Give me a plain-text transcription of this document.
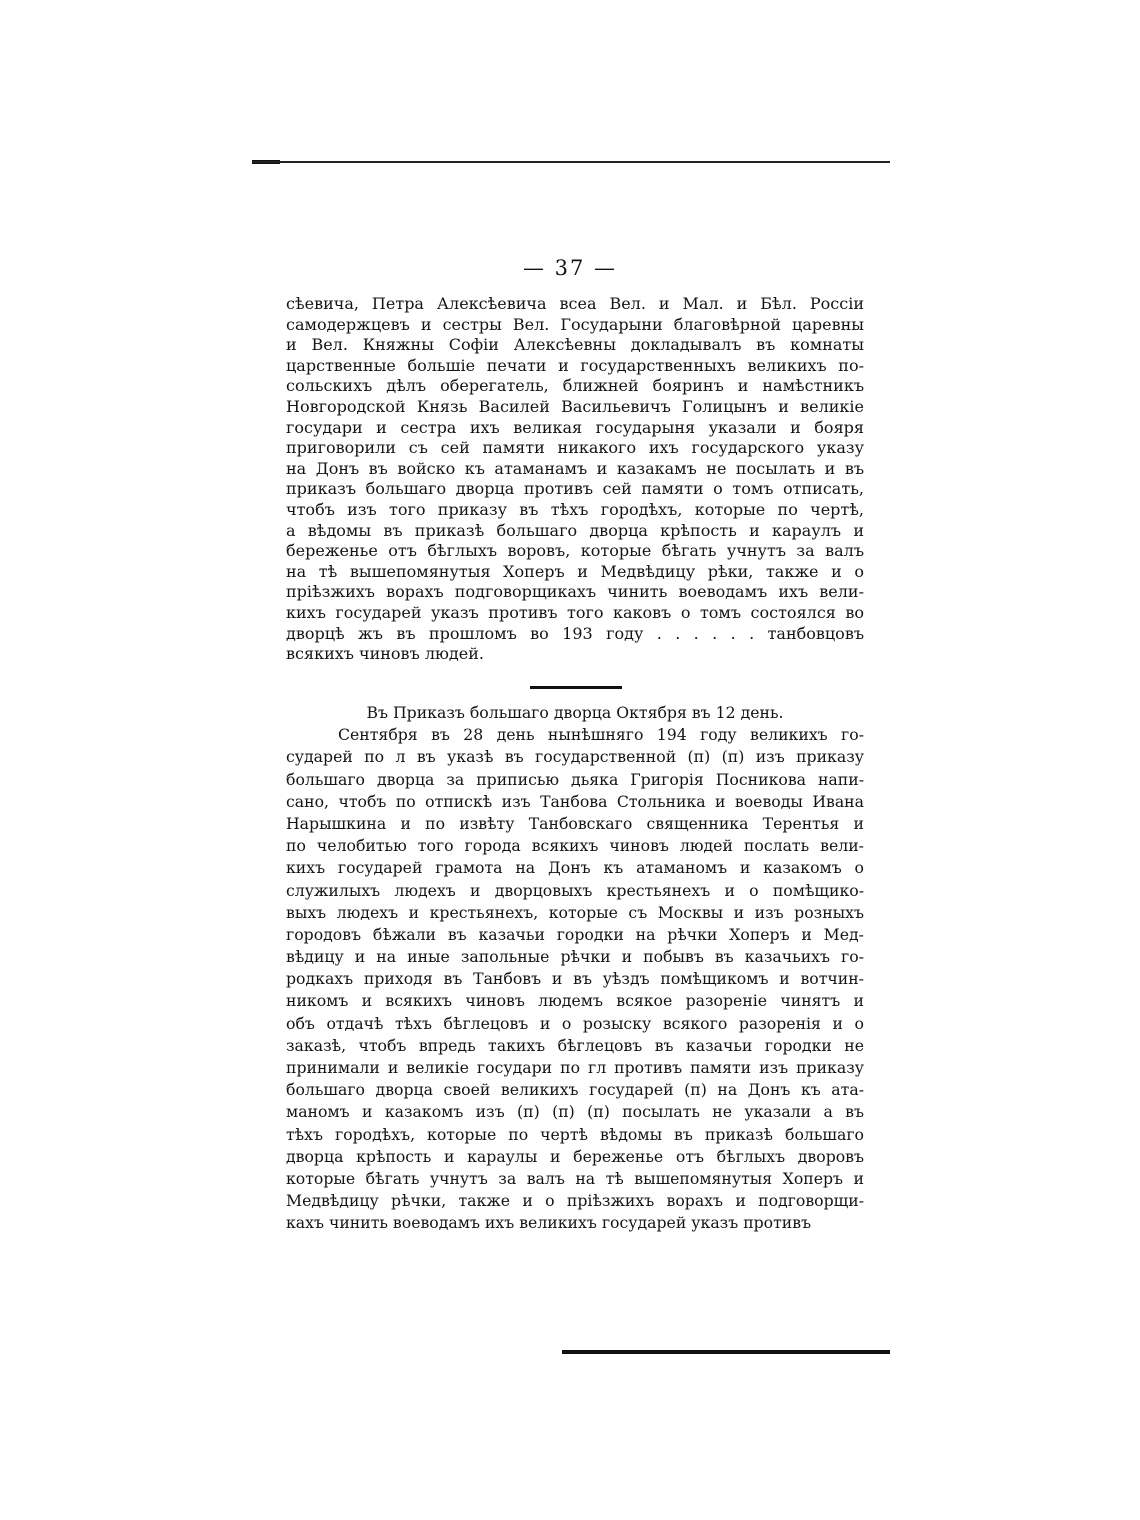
— 37 —
сѣевича, Петра Алексѣевича всеа Вел. и Мал. и Бѣл. Россіи
самодержцевъ и сестры Вел. Государыни благовѣрной царевны
и Вел. Княжны Софіи Алексѣевны докладывалъ въ комнаты
царственные большіе печати и государственныхъ великихъ по-
сольскихъ дѣлъ оберегатель, ближней бояринъ и намѣстникъ
Новгородской Князь Василей Васильевичъ Голицынъ и великіе
государи и сестра ихъ великая государыня указали и бояря
приговорили съ сей памяти никакого ихъ государского указу
на Донъ въ войско къ атаманамъ и казакамъ не посылать и въ
приказъ большаго дворца противъ сей памяти о томъ отписать,
чтобъ изъ того приказу въ тѣхъ городѣхъ, которые по чертѣ,
а вѣдомы въ приказѣ большаго дворца крѣпость и караулъ и
береженье отъ бѣглыхъ воровъ, которые бѣгать учнутъ за валъ
на тѣ вышепомянутыя Хоперъ и Медвѣдицу рѣки, также и о
пріѣзжихъ ворахъ подговорщикахъ чинить воеводамъ ихъ вели-
кихъ государей указъ противъ того каковъ о томъ состоялся во
дворцѣ жъ въ прошломъ во 193 году . . . . . . танбовцовъ
всякихъ чиновъ людей.
Въ Приказъ большаго дворца Октября въ 12 день.
Сентября въ 28 день нынѣшняго 194 году великихъ го-
сударей по л въ указѣ въ государственной (п) (п) изъ приказу
большаго дворца за приписью дьяка Григорія Посникова напи-
сано, чтобъ по отпискѣ изъ Танбова Стольника и воеводы Ивана
Нарышкина и по извѣту Танбовскаго священника Терентья и
по челобитью того города всякихъ чиновъ людей послать вели-
кихъ государей грамота на Донъ къ атаманомъ и казакомъ о
служилыхъ людехъ и дворцовыхъ крестьянехъ и о помѣщико-
выхъ людехъ и крестьянехъ, которые съ Москвы и изъ розныхъ
городовъ бѣжали въ казачьи городки на рѣчки Хоперъ и Мед-
вѣдицу и на иные запольные рѣчки и побывъ въ казачьихъ го-
родкахъ приходя въ Танбовъ и въ уѣздъ помѣщикомъ и вотчин-
никомъ и всякихъ чиновъ людемъ всякое разореніе чинятъ и
объ отдачѣ тѣхъ бѣглецовъ и о розыску всякого разоренія и о
заказѣ, чтобъ впредь такихъ бѣглецовъ въ казачьи городки не
принимали и великіе государи по гл противъ памяти изъ приказу
большаго дворца своей великихъ государей (п) на Донъ къ ата-
маномъ и казакомъ изъ (п) (п) (п) посылать не указали а въ
тѣхъ городѣхъ, которые по чертѣ вѣдомы въ приказѣ большаго
дворца крѣпость и караулы и береженье отъ бѣглыхъ дворовъ
которые бѣгать учнутъ за валъ на тѣ вышепомянутыя Хоперъ и
Медвѣдицу рѣчки, также и о пріѣзжихъ ворахъ и подговорщи-
кахъ чинить воеводамъ ихъ великихъ государей указъ противъ
